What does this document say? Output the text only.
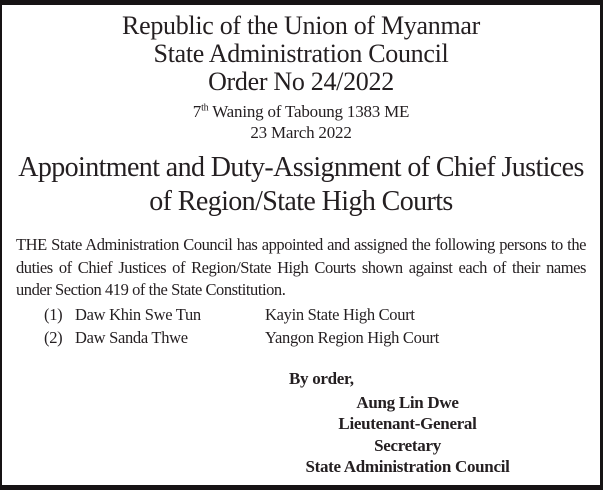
Republic of the Union of Myanmar
State Administration Council
Order No 24/2022
7th Waning of Taboung 1383 ME
23 March 2022
Appointment and Duty-Assignment of Chief Justices of Region/State High Courts
THE State Administration Council has appointed and assigned the following persons to the duties of Chief Justices of Region/State High Courts shown against each of their names under Section 419 of the State Constitution.
(1) Daw Khin Swe Tun	Kayin State High Court
(2) Daw Sanda Thwe	Yangon Region High Court
By order,
Aung Lin Dwe
Lieutenant-General
Secretary
State Administration Council
